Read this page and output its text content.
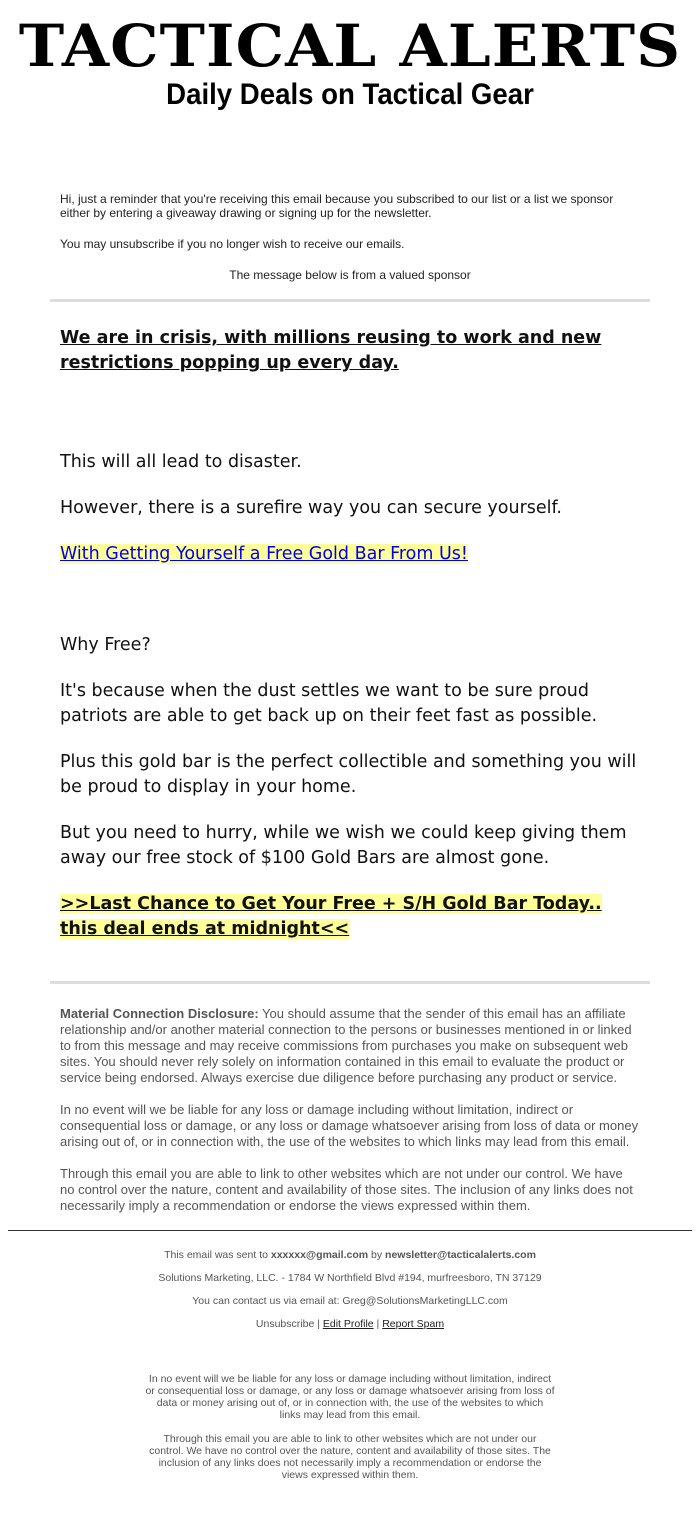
TACTICAL ALERTS
Daily Deals on Tactical Gear

Hi, just a reminder that you're receiving this email because you subscribed to our list or a list we sponsor either by entering a giveaway drawing or signing up for the newsletter.

You may unsubscribe if you no longer wish to receive our emails.

The message below is from a valued sponsor

We are in crisis, with millions reusing to work and new restrictions popping up every day.

This will all lead to disaster.

However, there is a surefire way you can secure yourself.

With Getting Yourself a Free Gold Bar From Us!

Why Free?

It's because when the dust settles we want to be sure proud patriots are able to get back up on their feet fast as possible.

Plus this gold bar is the perfect collectible and something you will be proud to display in your home.

But you need to hurry, while we wish we could keep giving them away our free stock of $100 Gold Bars are almost gone.

>>Last Chance to Get Your Free + S/H Gold Bar Today.. this deal ends at midnight<<

Material Connection Disclosure: You should assume that the sender of this email has an affiliate relationship and/or another material connection to the persons or businesses mentioned in or linked to from this message and may receive commissions from purchases you make on subsequent web sites. You should never rely solely on information contained in this email to evaluate the product or service being endorsed. Always exercise due diligence before purchasing any product or service.

In no event will we be liable for any loss or damage including without limitation, indirect or consequential loss or damage, or any loss or damage whatsoever arising from loss of data or money arising out of, or in connection with, the use of the websites to which links may lead from this email.

Through this email you are able to link to other websites which are not under our control. We have no control over the nature, content and availability of those sites. The inclusion of any links does not necessarily imply a recommendation or endorse the views expressed within them.

This email was sent to xxxxxx@gmail.com by newsletter@tacticalalerts.com

Solutions Marketing, LLC. - 1784 W Northfield Blvd #194, murfreesboro, TN 37129

You can contact us via email at: Greg@SolutionsMarketingLLC.com

Unsubscribe | Edit Profile | Report Spam

In no event will we be liable for any loss or damage including without limitation, indirect or consequential loss or damage, or any loss or damage whatsoever arising from loss of data or money arising out of, or in connection with, the use of the websites to which links may lead from this email.

Through this email you are able to link to other websites which are not under our control. We have no control over the nature, content and availability of those sites. The inclusion of any links does not necessarily imply a recommendation or endorse the views expressed within them.
